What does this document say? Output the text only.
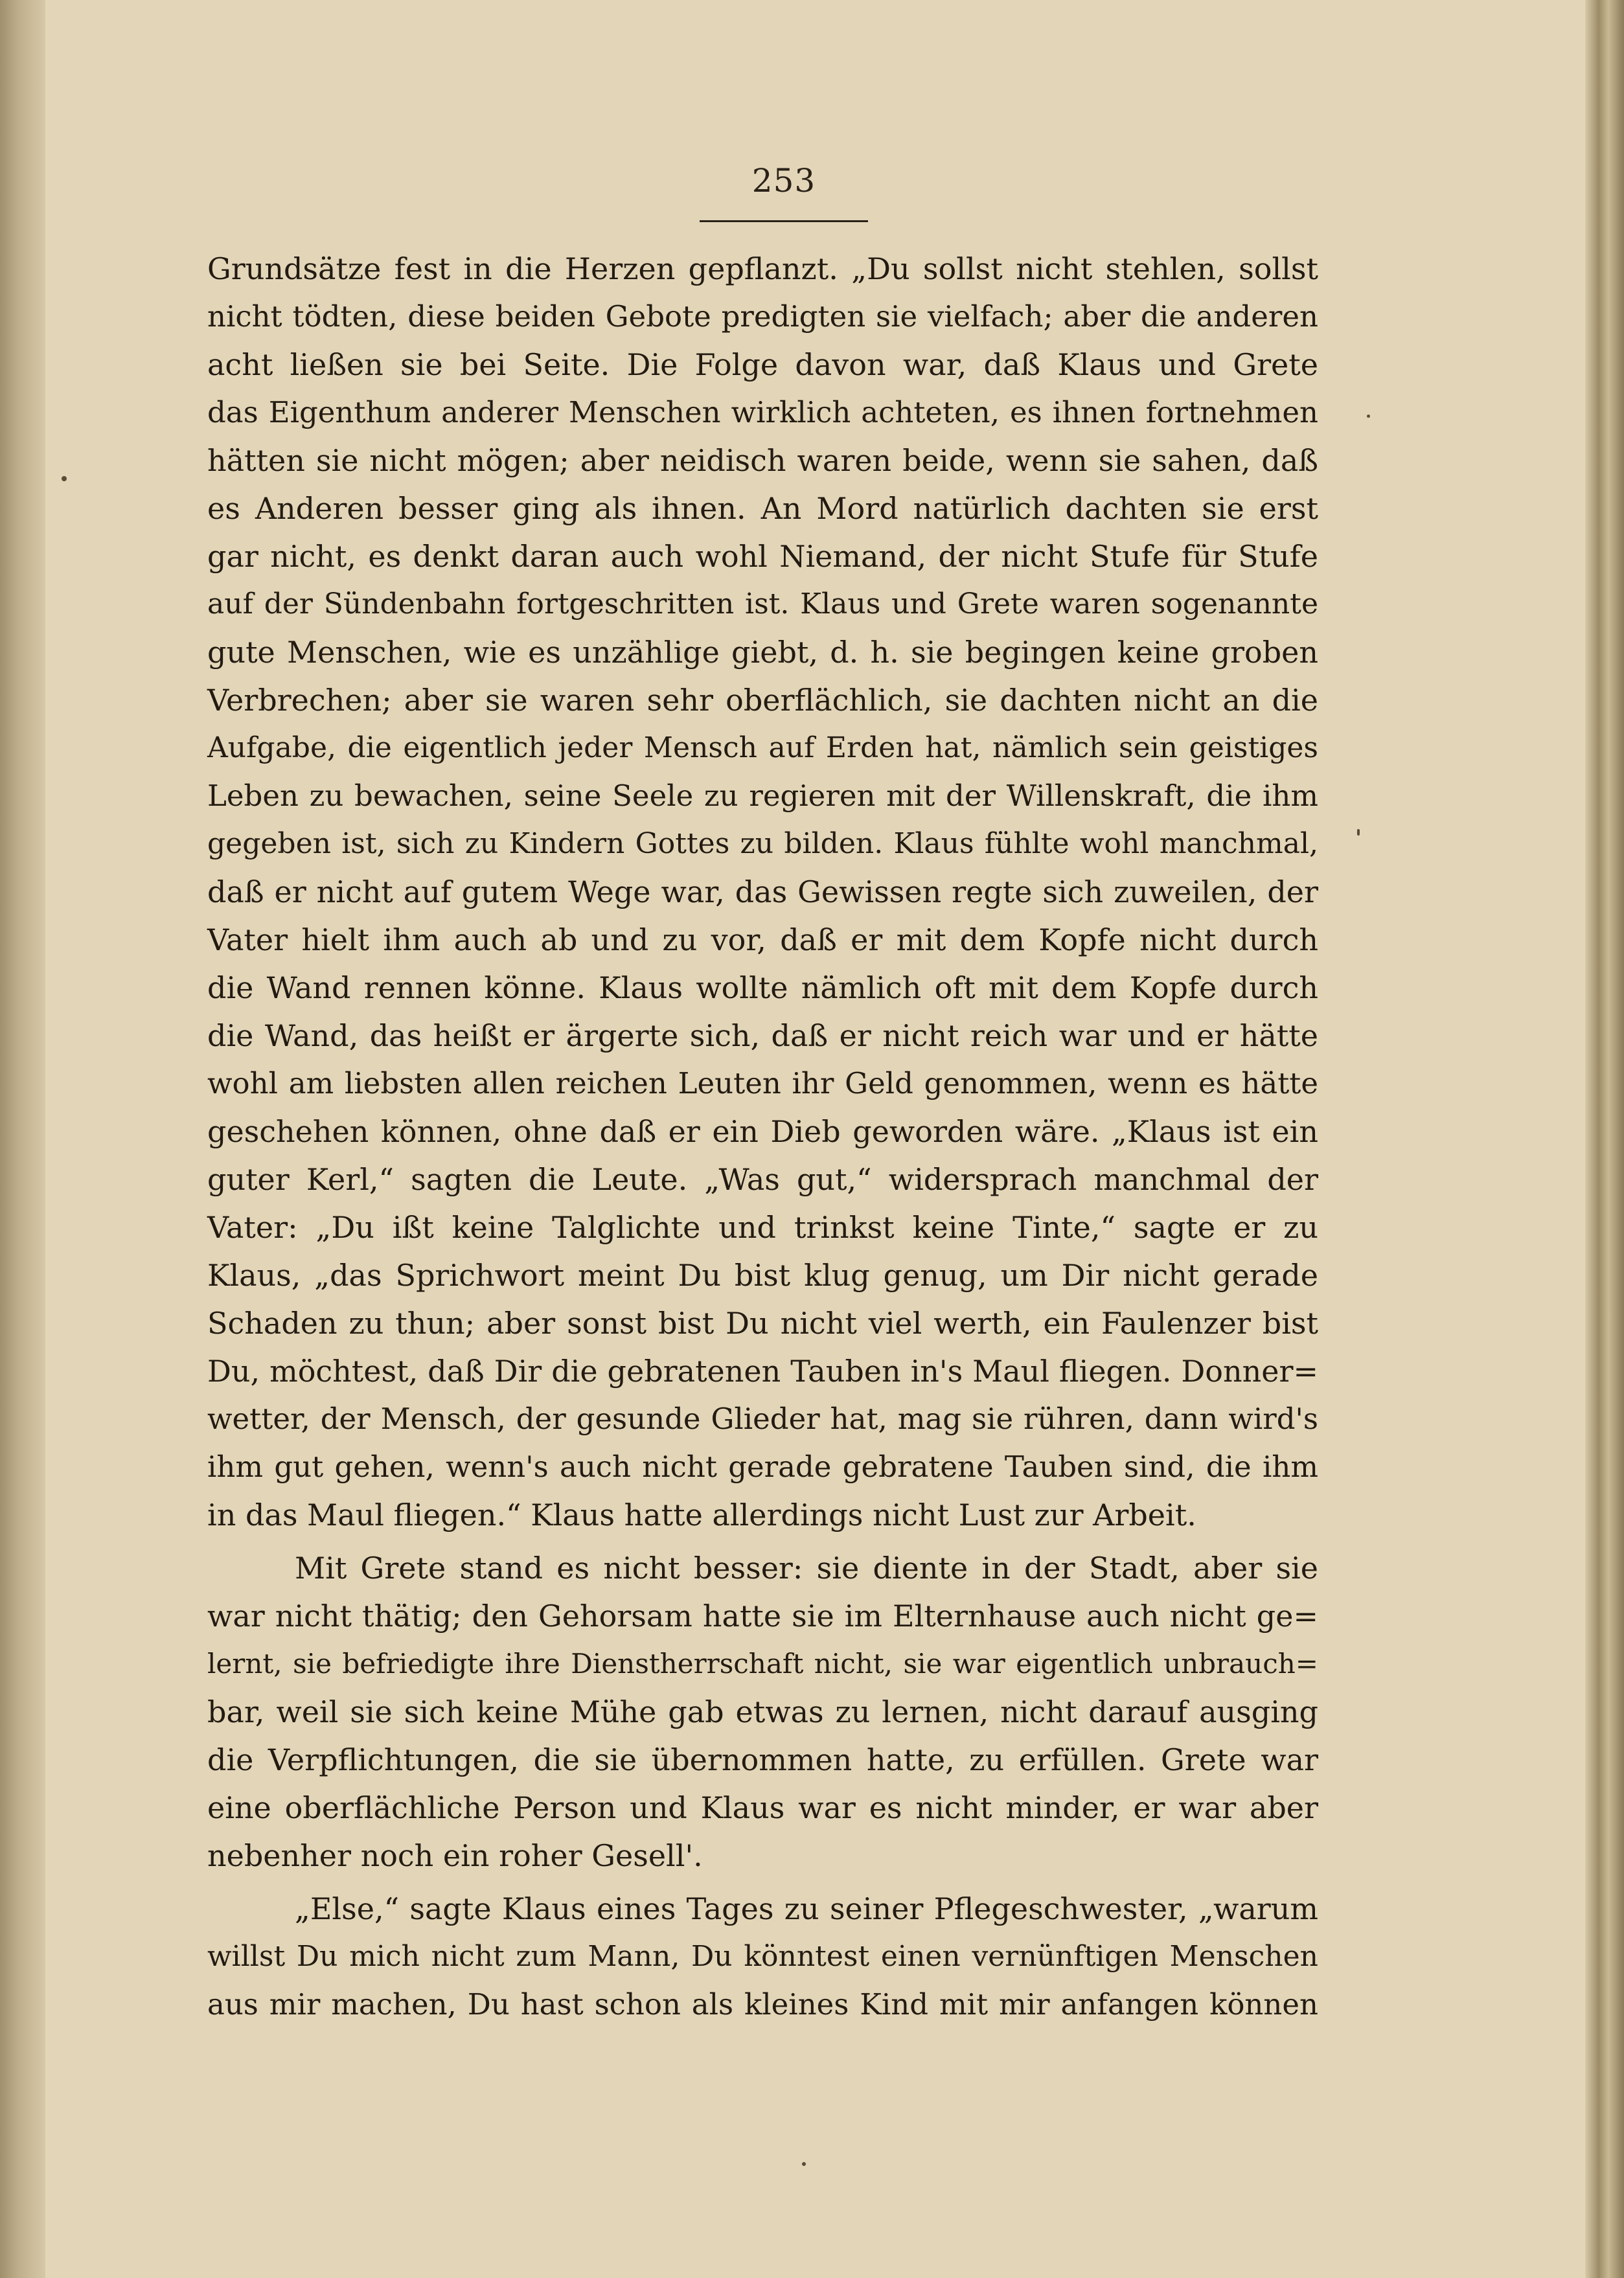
253
Grundsätze fest in die Herzen gepflanzt. „Du sollst nicht stehlen, sollst
nicht tödten, diese beiden Gebote predigten sie vielfach; aber die anderen
acht ließen sie bei Seite. Die Folge davon war, daß Klaus und Grete
das Eigenthum anderer Menschen wirklich achteten, es ihnen fortnehmen
hätten sie nicht mögen; aber neidisch waren beide, wenn sie sahen, daß
es Anderen besser ging als ihnen. An Mord natürlich dachten sie erst
gar nicht, es denkt daran auch wohl Niemand, der nicht Stufe für Stufe
auf der Sündenbahn fortgeschritten ist. Klaus und Grete waren sogenannte
gute Menschen, wie es unzählige giebt, d. h. sie begingen keine groben
Verbrechen; aber sie waren sehr oberflächlich, sie dachten nicht an die
Aufgabe, die eigentlich jeder Mensch auf Erden hat, nämlich sein geistiges
Leben zu bewachen, seine Seele zu regieren mit der Willenskraft, die ihm
gegeben ist, sich zu Kindern Gottes zu bilden. Klaus fühlte wohl manchmal,
daß er nicht auf gutem Wege war, das Gewissen regte sich zuweilen, der
Vater hielt ihm auch ab und zu vor, daß er mit dem Kopfe nicht durch
die Wand rennen könne. Klaus wollte nämlich oft mit dem Kopfe durch
die Wand, das heißt er ärgerte sich, daß er nicht reich war und er hätte
wohl am liebsten allen reichen Leuten ihr Geld genommen, wenn es hätte
geschehen können, ohne daß er ein Dieb geworden wäre. „Klaus ist ein
guter Kerl,“ sagten die Leute. „Was gut,“ widersprach manchmal der
Vater: „Du ißt keine Talglichte und trinkst keine Tinte,“ sagte er zu
Klaus, „das Sprichwort meint Du bist klug genug, um Dir nicht gerade
Schaden zu thun; aber sonst bist Du nicht viel werth, ein Faulenzer bist
Du, möchtest, daß Dir die gebratenen Tauben in's Maul fliegen. Donner=
wetter, der Mensch, der gesunde Glieder hat, mag sie rühren, dann wird's
ihm gut gehen, wenn's auch nicht gerade gebratene Tauben sind, die ihm
in das Maul fliegen.“ Klaus hatte allerdings nicht Lust zur Arbeit.
Mit Grete stand es nicht besser: sie diente in der Stadt, aber sie
war nicht thätig; den Gehorsam hatte sie im Elternhause auch nicht ge=
lernt, sie befriedigte ihre Dienstherrschaft nicht, sie war eigentlich unbrauch=
bar, weil sie sich keine Mühe gab etwas zu lernen, nicht darauf ausging
die Verpflichtungen, die sie übernommen hatte, zu erfüllen. Grete war
eine oberflächliche Person und Klaus war es nicht minder, er war aber
nebenher noch ein roher Gesell'.
„Else,“ sagte Klaus eines Tages zu seiner Pflegeschwester, „warum
willst Du mich nicht zum Mann, Du könntest einen vernünftigen Menschen
aus mir machen, Du hast schon als kleines Kind mit mir anfangen können
